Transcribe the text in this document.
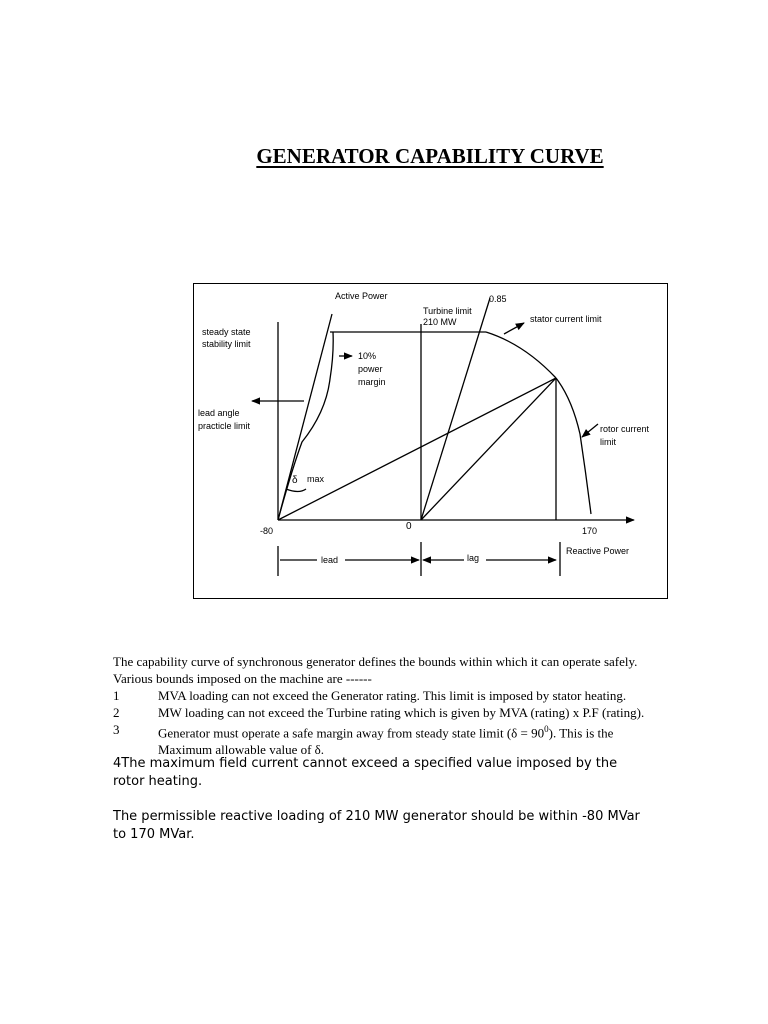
GENERATOR CAPABILITY CURVE
Active Power	0.85
Turbine limit
210 MW	stator current limit
steady state
stability limit
10%
power
margin
lead angle
practicle limit	rotor current
limit
δ max
-80	0	170
Reactive Power
lead	lag
The capability curve of synchronous generator defines the bounds within which it can operate safely.
Various bounds imposed on the machine are ------
1	MVA loading can not exceed the Generator rating. This limit is imposed by stator heating.
2	MW loading can not exceed the Turbine rating which is given by MVA (rating) x P.F (rating).
3	Generator must operate a safe margin away from steady state limit $(\delta = 90^0)$. This is the
Maximum allowable value of δ.
4The maximum field current cannot exceed a specified value imposed by the
rotor heating.
The permissible reactive loading of 210 MW generator should be within -80 MVar
to 170 MVar.
